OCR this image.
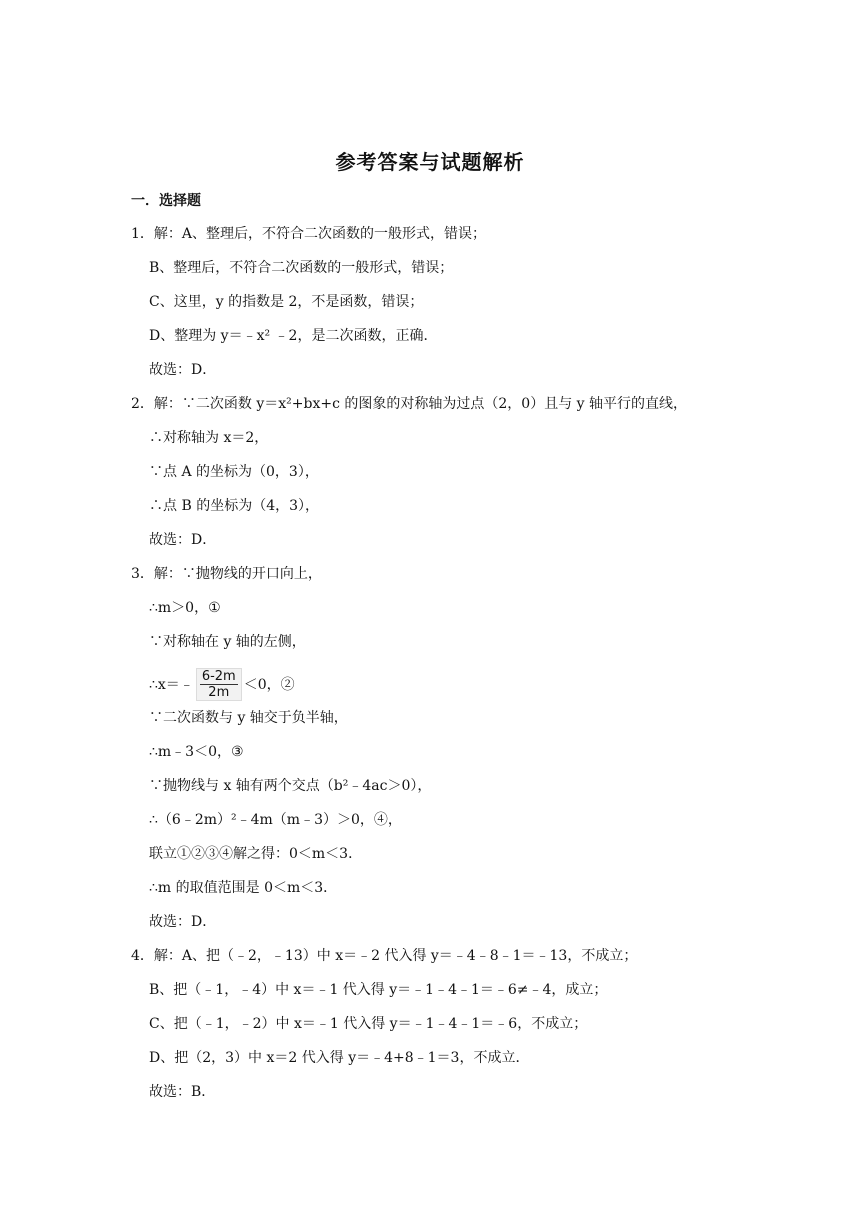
参考答案与试题解析
一．选择题
1．解：A、整理后，不符合二次函数的一般形式，错误；
B、整理后，不符合二次函数的一般形式，错误；
C、这里，y 的指数是 2，不是函数，错误；
D、整理为 y＝﹣x² ﹣2，是二次函数，正确．
故选：D．
2．解：∵二次函数 y＝x²+bx+c 的图象的对称轴为过点（2，0）且与 y 轴平行的直线，
∴对称轴为 x＝2，
∵点 A 的坐标为（0，3），
∴点 B 的坐标为（4，3），
故选：D．
3．解：∵抛物线的开口向上，
∴m＞0，①
∵对称轴在 y 轴的左侧，
∴x＝﹣ $\frac{6-2m}{2m} <0$，②
∵二次函数与 y 轴交于负半轴，
∴m﹣3＜0，③
∵抛物线与 x 轴有两个交点（b²﹣4ac＞0），
∴（6﹣2m）²﹣4m（m﹣3）＞0，④，
联立①②③④解之得：0＜m＜3．
∴m 的取值范围是 0＜m＜3．
故选：D．
4．解：A、把（﹣2，﹣13）中 x＝﹣2 代入得 y＝﹣4﹣8﹣1＝﹣13，不成立；
B、把（﹣1，﹣4）中 x＝﹣1 代入得 y＝﹣1﹣4﹣1＝﹣6≠﹣4，成立；
C、把（﹣1，﹣2）中 x＝﹣1 代入得 y＝﹣1﹣4﹣1＝﹣6，不成立；
D、把（2，3）中 x＝2 代入得 y＝﹣4+8﹣1＝3，不成立．
故选：B．
